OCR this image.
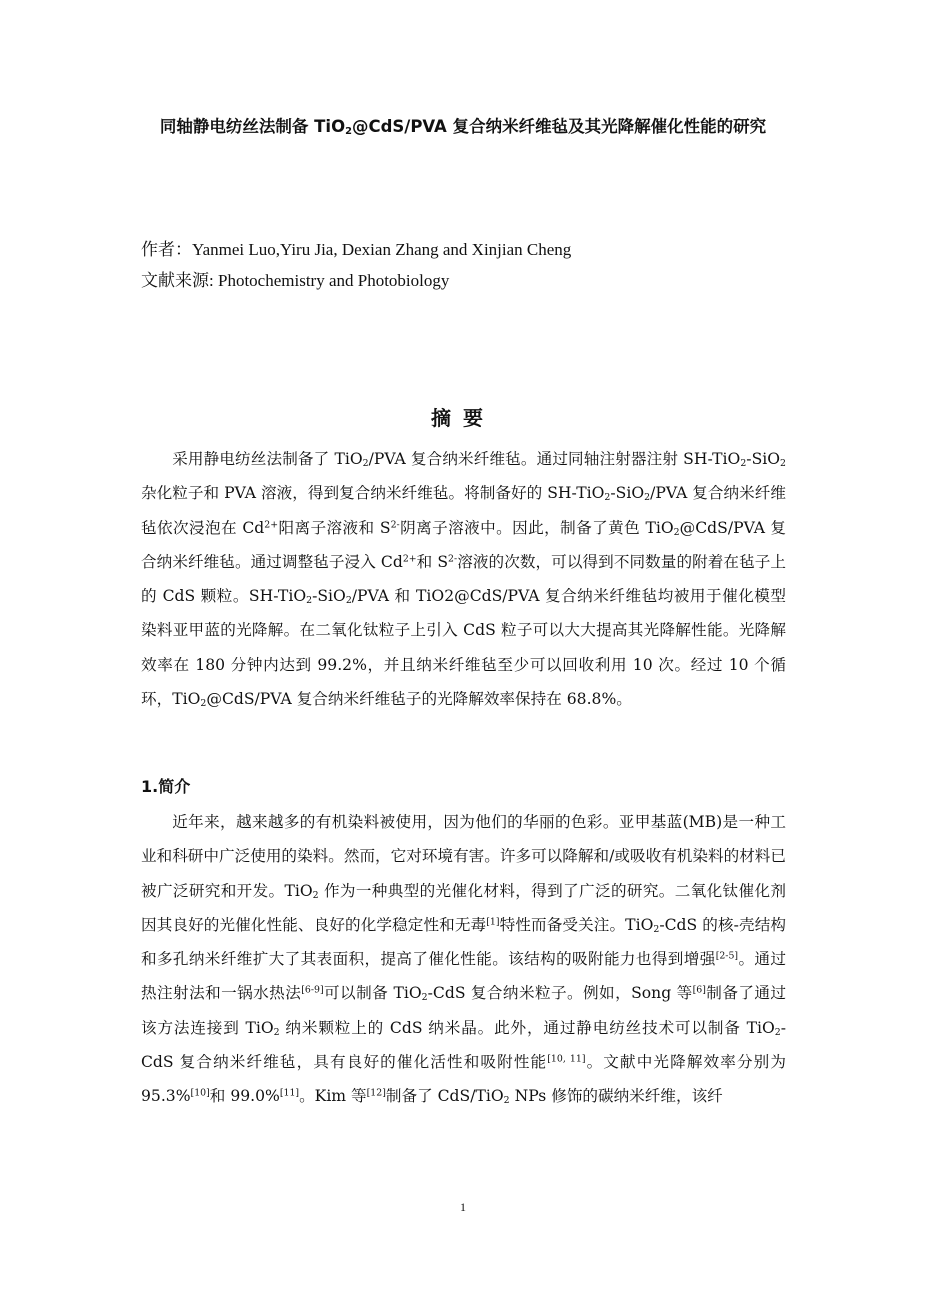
同轴静电纺丝法制备 TiO$_2$@CdS/PVA 复合纳米纤维毡及其光降解催化性能的研究
作者：Yanmei Luo,Yiru Jia, Dexian Zhang and Xinjian Cheng
文献来源: Photochemistry and Photobiology
摘要

采用静电纺丝法制备了 TiO$_2$/PVA 复合纳米纤维毡。通过同轴注射器注射 SH-TiO$_2$-SiO$_2$ 杂化粒子和 PVA 溶液，得到复合纳米纤维毡。将制备好的 SH-TiO$_2$-SiO$_2$/PVA 复合纳米纤维毡依次浸泡在 $Cd^{2+}$阳离子溶液和 $S^{2-}$阴离子溶液中。因此，制备了黄色 TiO$_2$@CdS/PVA 复合纳米纤维毡。通过调整毡子浸入 $Cd^{2+}$和 $S^{2-}$溶液的次数，可以得到不同数量的附着在毡子上的 CdS 颗粒。SH-TiO$_2$-SiO$_2$/PVA 和 TiO2@CdS/PVA 复合纳米纤维毡均被用于催化模型染料亚甲蓝的光降解。在二氧化钛粒子上引入 CdS 粒子可以大大提高其光降解性能。光降解效率在 180 分钟内达到 99.2%，并且纳米纤维毡至少可以回收利用 10 次。经过 10 个循环，TiO$_2$@CdS/PVA 复合纳米纤维毡子的光降解效率保持在 68.8%。

1.简介

近年来，越来越多的有机染料被使用，因为他们的华丽的色彩。亚甲基蓝(MB)是一种工业和科研中广泛使用的染料。然而，它对环境有害。许多可以降解和/或吸收有机染料的材料已被广泛研究和开发。TiO$_2$ 作为一种典型的光催化材料，得到了广泛的研究。二氧化钛催化剂因其良好的光催化性能、良好的化学稳定性和无毒[1]特性而备受关注。TiO$_2$-CdS 的核-壳结构和多孔纳米纤维扩大了其表面积，提高了催化性能。该结构的吸附能力也得到增强[2-5]。通过热注射法和一锅水热法[6-9]可以制备 TiO$_2$-CdS 复合纳米粒子。例如，Song 等[6]制备了通过该方法连接到 TiO$_2$ 纳米颗粒上的 CdS 纳米晶。此外，通过静电纺丝技术可以制备 TiO$_2$-CdS 复合纳米纤维毡，具有良好的催化活性和吸附性能[10, 11]。文献中光降解效率分别为 95.3%[10]和 99.0%[11]。Kim 等[12]制备了 CdS/TiO$_2$ NPs 修饰的碳纳米纤维，该纤

1
